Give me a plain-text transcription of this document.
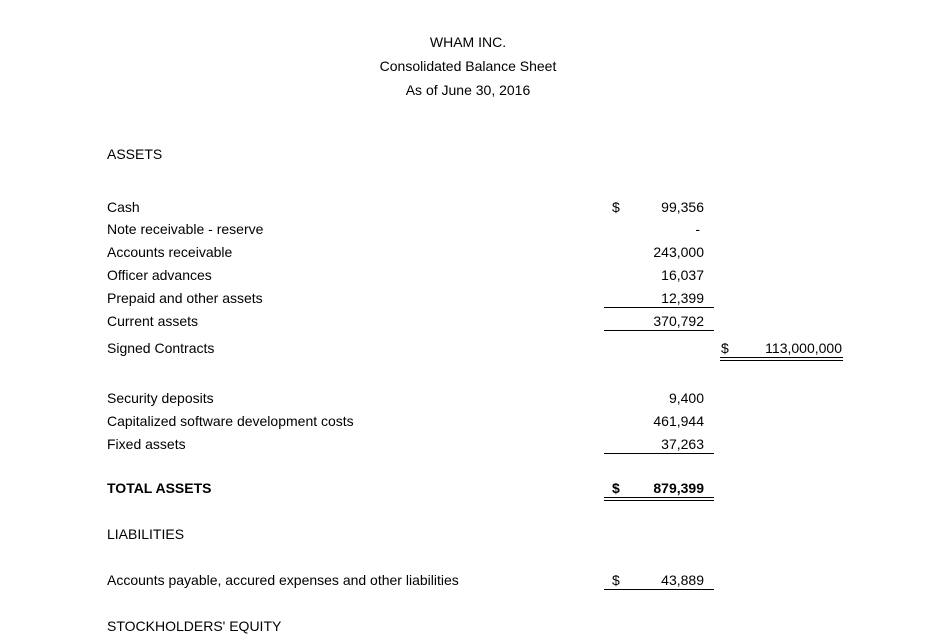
WHAM INC.
Consolidated Balance Sheet
As of June 30, 2016
ASSETS
Cash	$	99,356
Note receivable - reserve	-
Accounts receivable	243,000
Officer advances	16,037
Prepaid and other assets	12,399
Current assets	370,792
Signed Contracts	$	113,000,000
Security deposits	9,400
Capitalized software development costs	461,944
Fixed assets	37,263
TOTAL ASSETS	$ 879,399
LIABILITIES
Accounts payable, accured expenses and other liabilities	$	43,889
STOCKHOLDERS' EQUITY
